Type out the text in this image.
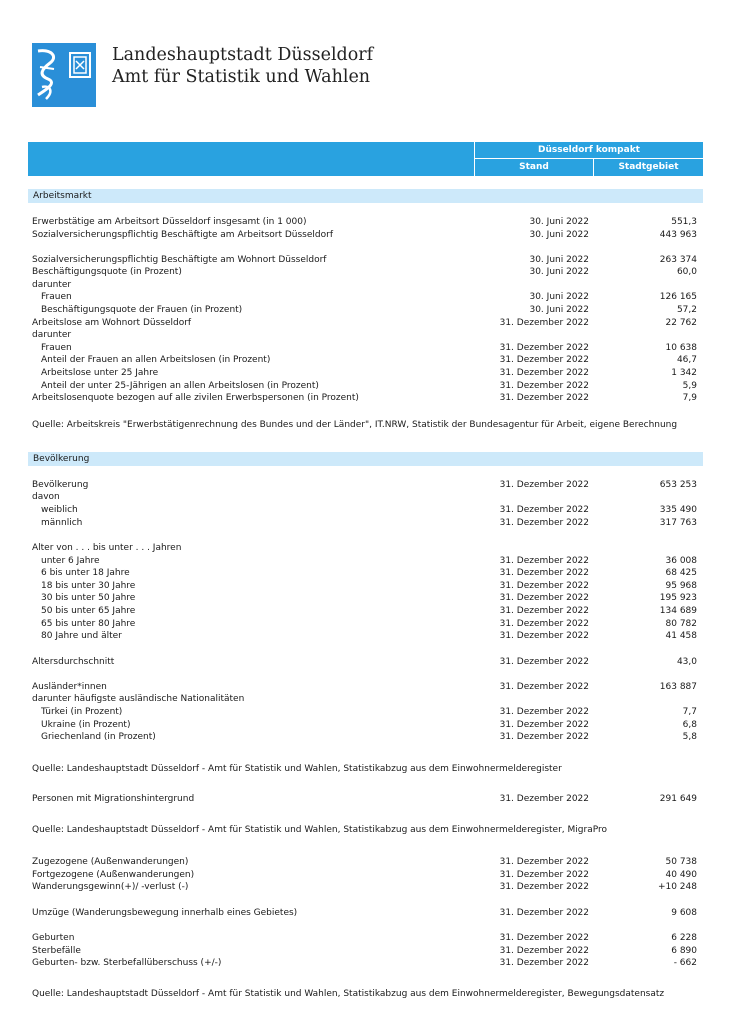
Landeshauptstadt Düsseldorf
Amt für Statistik und Wahlen
Düsseldorf kompakt
Stand	Stadtgebiet
Arbeitsmarkt
Erwerbstätige am Arbeitsort Düsseldorf insgesamt (in 1 000)	30. Juni 2022	551,3
Sozialversicherungspflichtig Beschäftigte am Arbeitsort Düsseldorf	30. Juni 2022	443 963
Sozialversicherungspflichtig Beschäftigte am Wohnort Düsseldorf	30. Juni 2022	263 374
Beschäftigungsquote (in Prozent)	30. Juni 2022	60,0
darunter
Frauen	30. Juni 2022	126 165
Beschäftigungsquote der Frauen (in Prozent)	30. Juni 2022	57,2
Arbeitslose am Wohnort Düsseldorf	31. Dezember 2022	22 762
darunter
Frauen	31. Dezember 2022	10 638
Anteil der Frauen an allen Arbeitslosen (in Prozent)	31. Dezember 2022	46,7
Arbeitslose unter 25 Jahre	31. Dezember 2022	1 342
Anteil der unter 25-Jährigen an allen Arbeitslosen (in Prozent)	31. Dezember 2022	5,9
Arbeitslosenquote bezogen auf alle zivilen Erwerbspersonen (in Prozent)	31. Dezember 2022	7,9
Quelle: Arbeitskreis "Erwerbstätigenrechnung des Bundes und der Länder", IT.NRW, Statistik der Bundesagentur für Arbeit, eigene Berechnung
Bevölkerung
Bevölkerung	31. Dezember 2022	653 253
davon
weiblich	31. Dezember 2022	335 490
männlich	31. Dezember 2022	317 763
Alter von . . . bis unter . . . Jahren
unter 6 Jahre	31. Dezember 2022	36 008
6 bis unter 18 Jahre	31. Dezember 2022	68 425
18 bis unter 30 Jahre	31. Dezember 2022	95 968
30 bis unter 50 Jahre	31. Dezember 2022	195 923
50 bis unter 65 Jahre	31. Dezember 2022	134 689
65 bis unter 80 Jahre	31. Dezember 2022	80 782
80 Jahre und älter	31. Dezember 2022	41 458
Altersdurchschnitt	31. Dezember 2022	43,0
Ausländer*innen	31. Dezember 2022	163 887
darunter häufigste ausländische Nationalitäten
Türkei (in Prozent)	31. Dezember 2022	7,7
Ukraine (in Prozent)	31. Dezember 2022	6,8
Griechenland (in Prozent)	31. Dezember 2022	5,8
Quelle: Landeshauptstadt Düsseldorf - Amt für Statistik und Wahlen, Statistikabzug aus dem Einwohnermelderegister
Personen mit Migrationshintergrund	31. Dezember 2022	291 649
Quelle: Landeshauptstadt Düsseldorf - Amt für Statistik und Wahlen, Statistikabzug aus dem Einwohnermelderegister, MigraPro
Zugezogene (Außenwanderungen)	31. Dezember 2022	50 738
Fortgezogene (Außenwanderungen)	31. Dezember 2022	40 490
Wanderungsgewinn(+)/ -verlust (-)	31. Dezember 2022	+10 248
Umzüge (Wanderungsbewegung innerhalb eines Gebietes)	31. Dezember 2022	9 608
Geburten	31. Dezember 2022	6 228
Sterbefälle	31. Dezember 2022	6 890
Geburten- bzw. Sterbefallüberschuss (+/-)	31. Dezember 2022	- 662
Quelle: Landeshauptstadt Düsseldorf - Amt für Statistik und Wahlen, Statistikabzug aus dem Einwohnermelderegister, Bewegungsdatensatz
